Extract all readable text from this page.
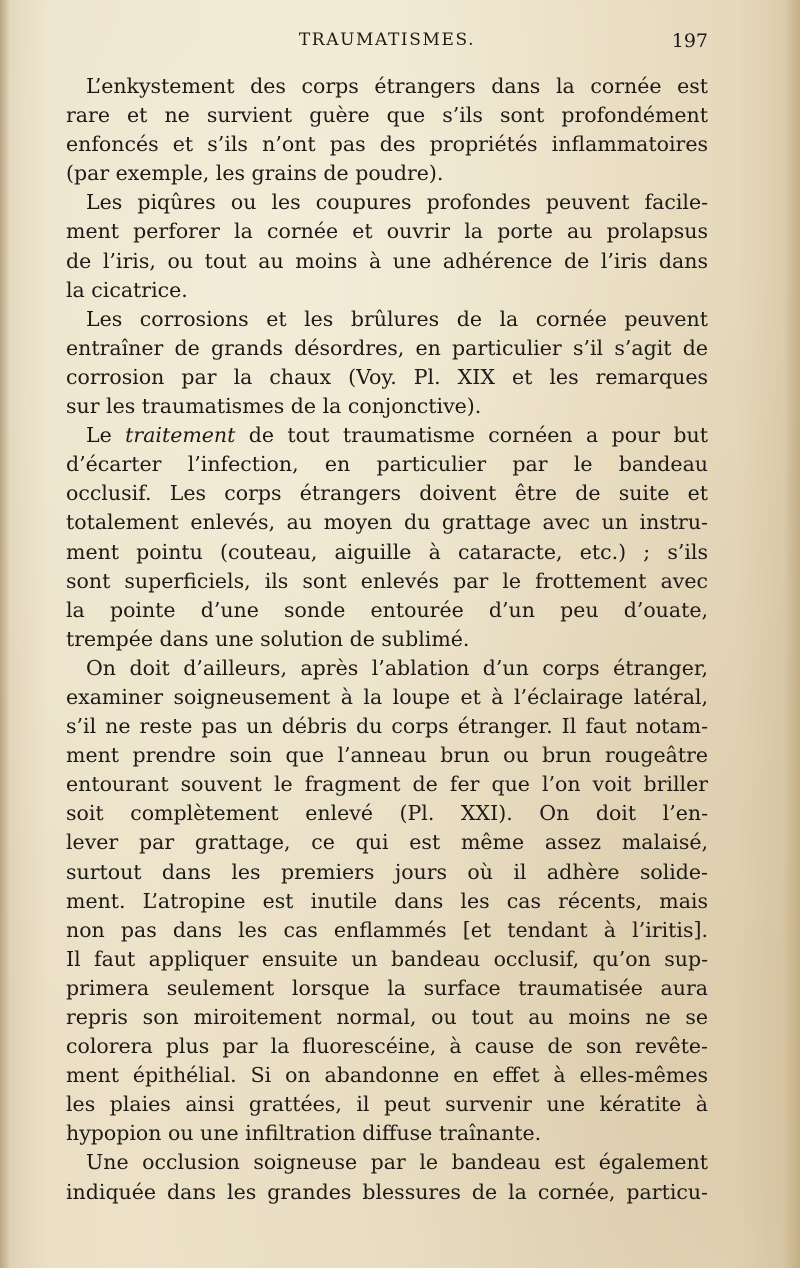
TRAUMATISMES.	197
L’enkystement des corps étrangers dans la cornée est
rare et ne survient guère que s’ils sont profondément
enfoncés et s’ils n’ont pas des propriétés inflammatoires
(par exemple, les grains de poudre).
Les piqûres ou les coupures profondes peuvent facile-
ment perforer la cornée et ouvrir la porte au prolapsus
de l’iris, ou tout au moins à une adhérence de l’iris dans
la cicatrice.
Les corrosions et les brûlures de la cornée peuvent
entraîner de grands désordres, en particulier s’il s’agit de
corrosion par la chaux (Voy. Pl. XIX et les remarques
sur les traumatismes de la conjonctive).
Le traitement de tout traumatisme cornéen a pour but
d’écarter l’infection, en particulier par le bandeau
occlusif. Les corps étrangers doivent être de suite et
totalement enlevés, au moyen du grattage avec un instru-
ment pointu (couteau, aiguille à cataracte, etc.) ; s’ils
sont superficiels, ils sont enlevés par le frottement avec
la pointe d’une sonde entourée d’un peu d’ouate,
trempée dans une solution de sublimé.
On doit d’ailleurs, après l’ablation d’un corps étranger,
examiner soigneusement à la loupe et à l’éclairage latéral,
s’il ne reste pas un débris du corps étranger. Il faut notam-
ment prendre soin que l’anneau brun ou brun rougeâtre
entourant souvent le fragment de fer que l’on voit briller
soit complètement enlevé (Pl. XXI). On doit l’en-
lever par grattage, ce qui est même assez malaisé,
surtout dans les premiers jours où il adhère solide-
ment. L’atropine est inutile dans les cas récents, mais
non pas dans les cas enflammés [et tendant à l’iritis].
Il faut appliquer ensuite un bandeau occlusif, qu’on sup-
primera seulement lorsque la surface traumatisée aura
repris son miroitement normal, ou tout au moins ne se
colorera plus par la fluorescéine, à cause de son revête-
ment épithélial. Si on abandonne en effet à elles-mêmes
les plaies ainsi grattées, il peut survenir une kératite à
hypopion ou une infiltration diffuse traînante.
Une occlusion soigneuse par le bandeau est également
indiquée dans les grandes blessures de la cornée, particu-
